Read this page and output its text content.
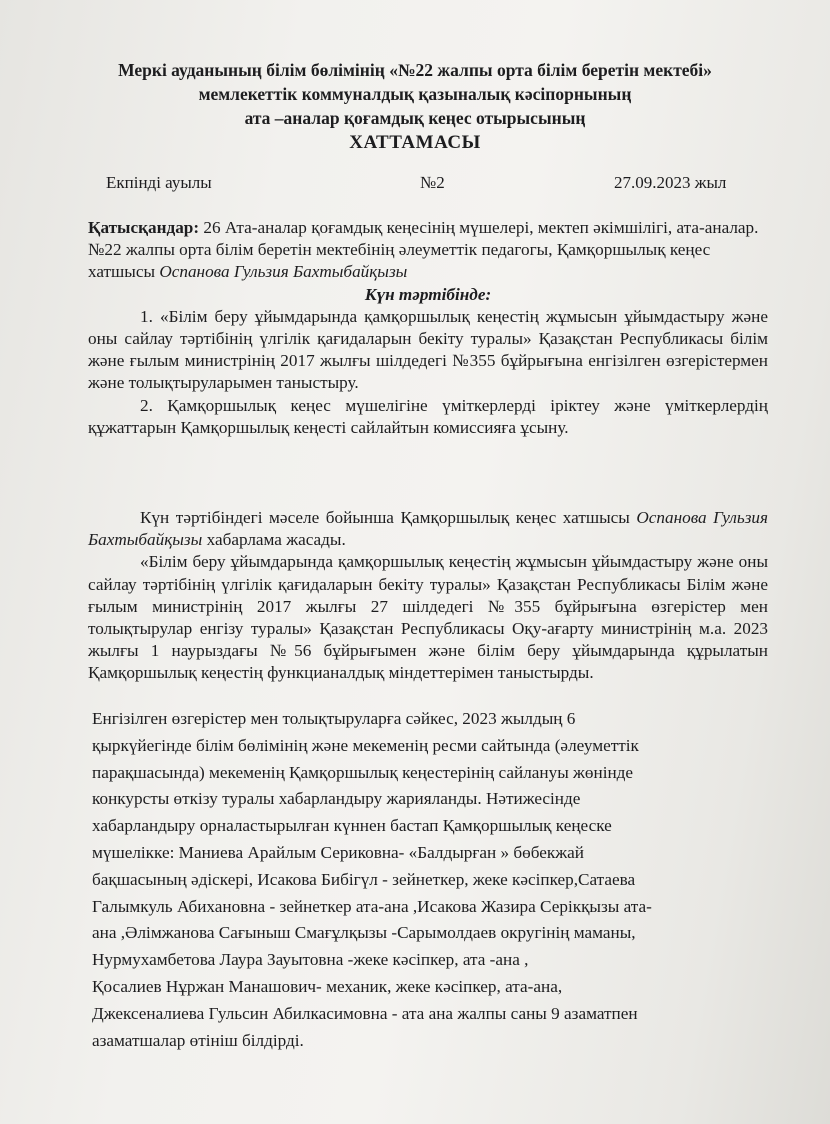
Меркі ауданының білім бөлімінің «№22 жалпы орта білім беретін мектебі»
мемлекеттік коммуналдық қазыналық кәсіпорнының
ата –аналар қоғамдық кеңес отырысының
ХАТТАМАСЫ
Екпінді ауылы	№2	27.09.2023 жыл

Қатысқандар: 26 Ата-аналар қоғамдық кеңесінің мүшелері, мектеп әкімшілігі, ата-аналар.

№22 жалпы орта білім беретін мектебінің әлеуметтік педагогы, Қамқоршылық кеңес хатшысы Оспанова Гульзия Бахтыбайқызы

Күн тәртібінде:

1. «Білім беру ұйымдарында қамқоршылық кеңестің жұмысын ұйымдастыру және оны сайлау тәртібінің үлгілік қағидаларын бекіту туралы» Қазақстан Республикасы білім және ғылым министрінің 2017 жылғы шілдедегі №355 бұйрығына енгізілген өзгерістермен және толықтыруларымен таныстыру.

2. Қамқоршылық кеңес мүшелігіне үміткерлерді іріктеу және үміткерлердің құжаттарын Қамқоршылық кеңесті сайлайтын комиссияға ұсыну.

Күн тәртібіндегі мәселе бойынша Қамқоршылық кеңес хатшысы Оспанова Гульзия Бахтыбайқызы хабарлама жасады.

«Білім беру ұйымдарында қамқоршылық кеңестің жұмысын ұйымдастыру және оны сайлау тәртібінің үлгілік қағидаларын бекіту туралы» Қазақстан Республикасы Білім және ғылым министрінің 2017 жылғы 27 шілдедегі №355 бұйрығына өзгерістер мен толықтырулар енгізу туралы» Қазақстан Республикасы Оқу-ағарту министрінің м.а. 2023 жылғы 1 наурыздағы №56 бұйрығымен және білім беру ұйымдарында құрылатын Қамқоршылық кеңестің функцианалдық міндеттерімен таныстырды.

Енгізілген өзгерістер мен толықтыруларға сәйкес, 2023 жылдың 6
қыркүйегінде білім бөлімінің және мекеменің ресми сайтында (әлеуметтік
парақшасында) мекеменің Қамқоршылық кеңестерінің сайлануы жөнінде
конкурсты өткізу туралы хабарландыру жарияланды. Нәтижесінде
хабарландыру орналастырылған күннен бастап Қамқоршылық кеңеске
мүшелікке: Маниева Арайлым Сериковна- «Балдырған » бөбекжай
бақшасының әдіскері, Исакова Бибігүл - зейнеткер, жеке кәсіпкер,Сатаева
Галымкуль Абихановна - зейнеткер ата-ана ,Исакова Жазира Серікқызы ата-
ана ,Әлімжанова Сағыныш Смағұлқызы -Сарымолдаев округінің маманы,
Нурмухамбетова Лаура Зауытовна -жеке кәсіпкер, ата -ана ,
Қосалиев Нұржан Манашович- механик, жеке кәсіпкер, ата-ана,
Джексеналиева Гульсин Абилкасимовна - ата ана жалпы саны 9 азаматпен
азаматшалар өтініш білдірді.
